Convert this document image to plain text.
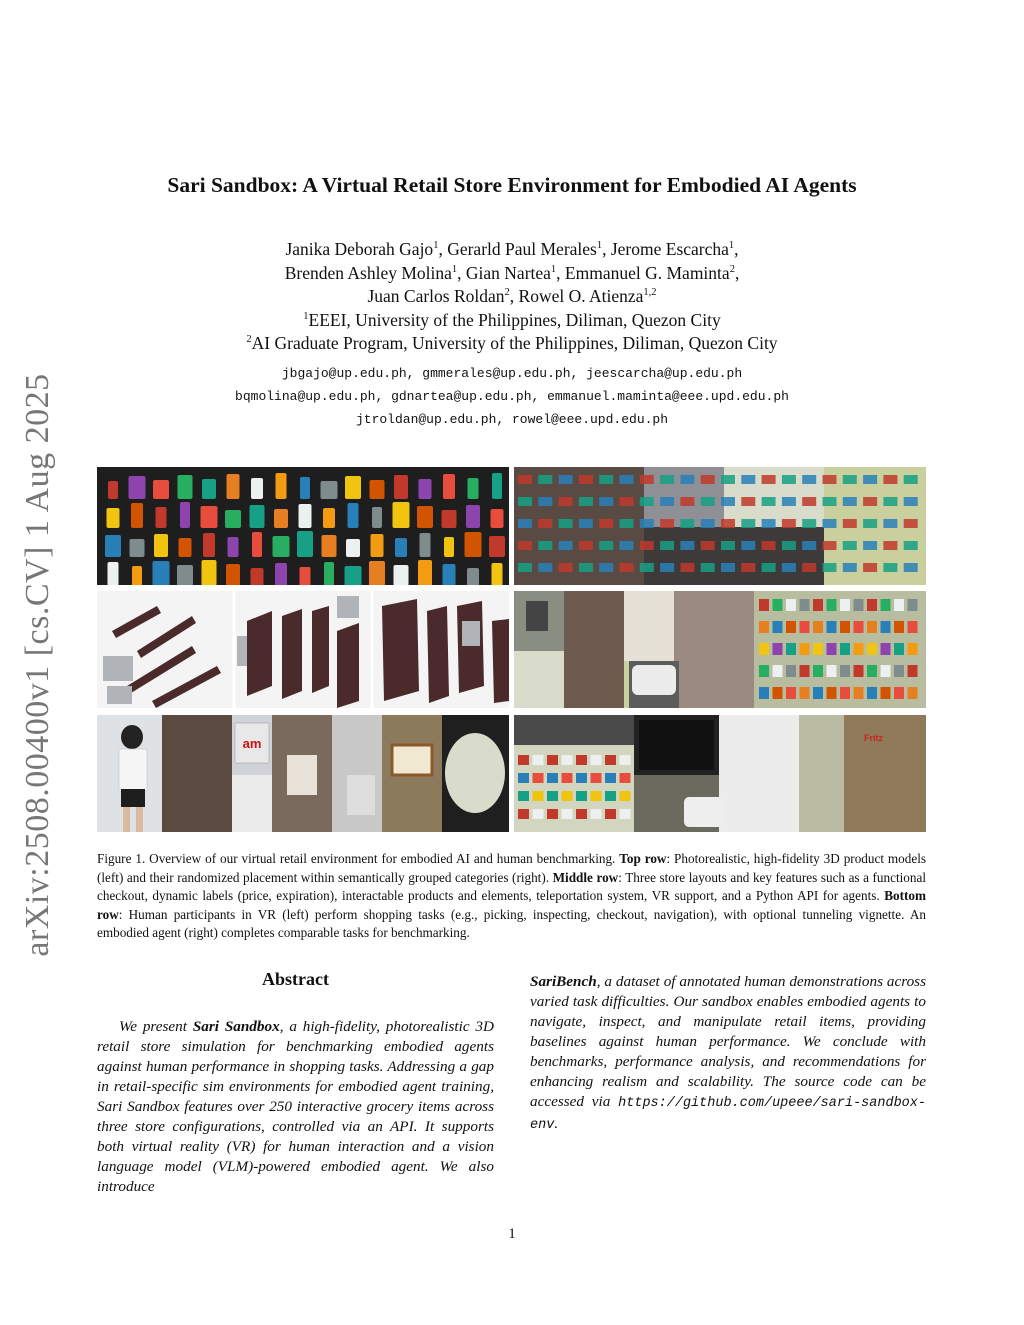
arXiv:2508.00400v1 [cs.CV] 1 Aug 2025
Sari Sandbox: A Virtual Retail Store Environment for Embodied AI Agents
Janika Deborah Gajo$^1$, Gerarld Paul Merales$^1$, Jerome Escarcha$^1$,
Brenden Ashley Molina$^1$, Gian Nartea$^1$, Emmanuel G. Maminta$^2$,
Juan Carlos Roldan$^2$, Rowel O. Atienza$^{1,2}$
$^1$EEEI, University of the Philippines, Diliman, Quezon City
$^2$AI Graduate Program, University of the Philippines, Diliman, Quezon City
jbgajo@up.edu.ph, gmmerales@up.edu.ph, jeescarcha@up.edu.ph
bqmolina@up.edu.ph, gdnartea@up.edu.ph, emmanuel.maminta@eee.upd.edu.ph
jtroldan@up.edu.ph, rowel@eee.upd.edu.ph
am	Fritz
Figure 1. Overview of our virtual retail environment for embodied AI and human benchmarking. Top row: Photorealistic, high-fidelity 3D product models (left) and their randomized placement within semantically grouped categories (right). Middle row: Three store layouts and key features such as a functional checkout, dynamic labels (price, expiration), interactable products and elements, teleportation system, VR support, and a Python API for agents. Bottom row: Human participants in VR (left) perform shopping tasks (e.g., picking, inspecting, checkout, navigation), with optional tunneling vignette. An embodied agent (right) completes comparable tasks for benchmarking.
Abstract

We present Sari Sandbox, a high-fidelity, photorealistic 3D retail store simulation for benchmarking embodied agents against human performance in shopping tasks. Addressing a gap in retail-specific sim environments for embodied agent training, Sari Sandbox features over 250 interactive grocery items across three store configurations, controlled via an API. It supports both virtual reality (VR) for human interaction and a vision language model (VLM)-powered embodied agent. We also introduce

SariBench, a dataset of annotated human demonstrations across varied task difficulties. Our sandbox enables embodied agents to navigate, inspect, and manipulate retail items, providing baselines against human performance. We conclude with benchmarks, performance analysis, and recommendations for enhancing realism and scalability. The source code can be accessed via https://github.com/upeee/sari-sandbox-env.

1
